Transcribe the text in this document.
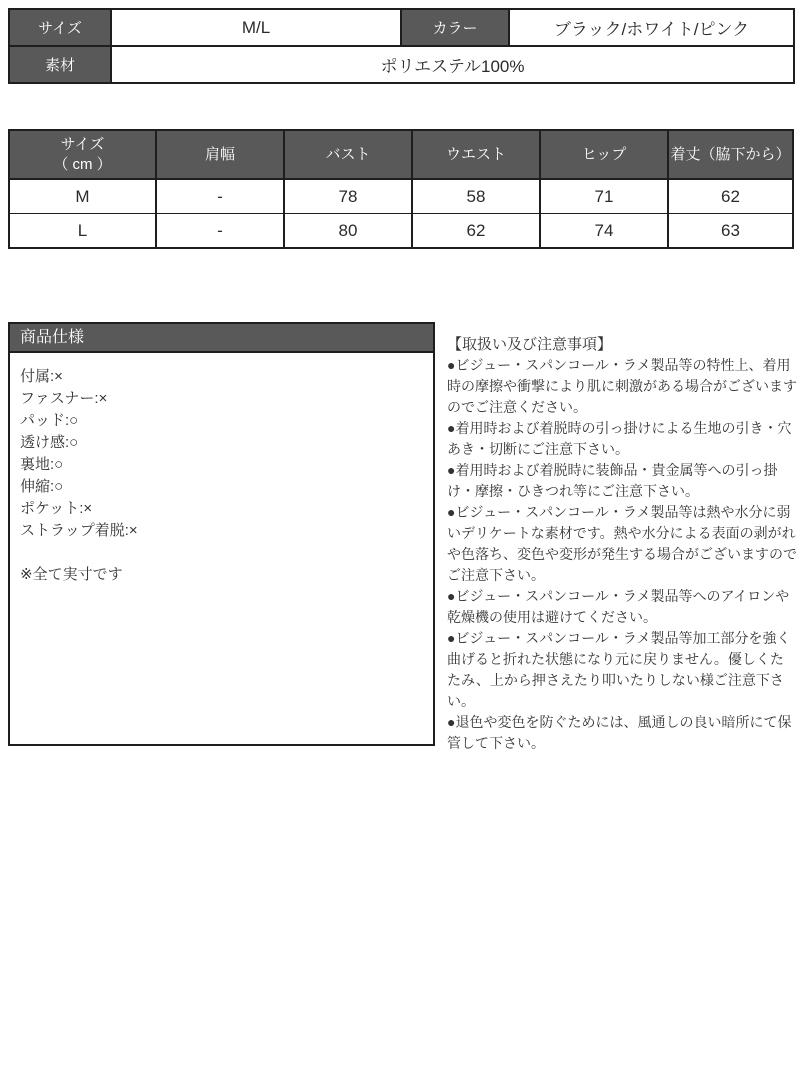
サイズ	M/L	カラー	ブラック/ホワイト/ピンク
素材	ポリエステル100%		
サイズ
（ cm ）	肩幅	バスト	ウエスト	ヒップ	着丈（脇下から）
M	-	78	58	71	62
L	-	80	62	74	63
商品仕様
付属:×
ファスナー:×
パッド:○
透け感:○
裏地:○
伸縮:○
ポケット:×
ストラップ着脱:×
※全て実寸です

【取扱い及び注意事項】

●ビジュー・スパンコール・ラメ製品等の特性上、着用時の摩擦や衝撃により肌に刺激がある場合がございますのでご注意ください。

●着用時および着脱時の引っ掛けによる生地の引き・穴あき・切断にご注意下さい。

●着用時および着脱時に装飾品・貴金属等への引っ掛け・摩擦・ひきつれ等にご注意下さい。

●ビジュー・スパンコール・ラメ製品等は熱や水分に弱いデリケートな素材です。熱や水分による表面の剥がれや色落ち、変色や変形が発生する場合がございますのでご注意下さい。

●ビジュー・スパンコール・ラメ製品等へのアイロンや乾燥機の使用は避けてください。

●ビジュー・スパンコール・ラメ製品等加工部分を強く曲げると折れた状態になり元に戻りません。優しくたたみ、上から押さえたり叩いたりしない様ご注意下さい。

●退色や変色を防ぐためには、風通しの良い暗所にて保管して下さい。
